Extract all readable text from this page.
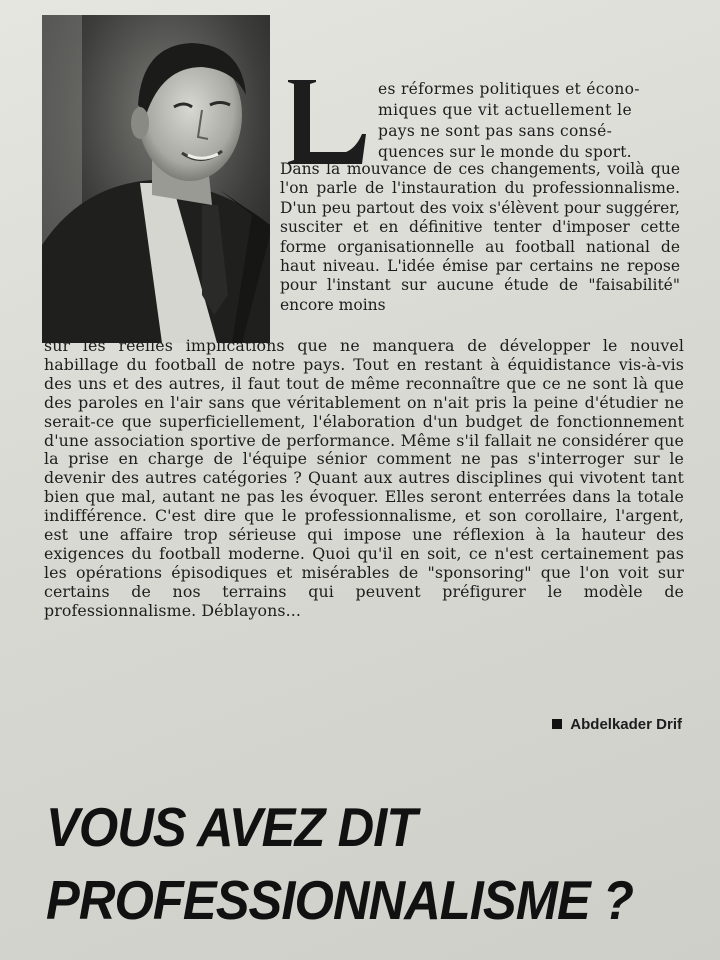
es réformes politiques et écono-
miques que vit actuellement le
pays ne sont pas sans consé-
quences sur le monde du sport.
Dans la mouvance de ces changements, voilà que l'on parle de l'instauration du professionnalisme. D'un peu partout des voix s'élèvent pour suggérer, susciter et en définitive tenter d'imposer cette forme organisationnelle au football national de haut niveau. L'idée émise par certains ne repose pour l'instant sur aucune étude de "faisabilité" encore moins
sur les réelles implications que ne manquera de développer le nouvel habillage du football de notre pays. Tout en restant à équidistance vis-à-vis des uns et des autres, il faut tout de même reconnaître que ce ne sont là que des paroles en l'air sans que véritablement on n'ait pris la peine d'étudier ne serait-ce que superficiellement, l'élaboration d'un budget de fonctionnement d'une association sportive de performance. Même s'il fallait ne considérer que la prise en charge de l'équipe sénior comment ne pas s'interroger sur le devenir des autres catégories ? Quant aux autres disciplines qui vivotent tant bien que mal, autant ne pas les évoquer. Elles seront enterrées dans la totale indifférence. C'est dire que le professionnalisme, et son corollaire, l'argent, est une affaire trop sérieuse qui impose une réflexion à la hauteur des exigences du football moderne. Quoi qu'il en soit, ce n'est certainement pas les opérations épisodiques et misérables de "sponsoring" que l'on voit sur certains de nos terrains qui peuvent préfigurer le modèle de professionnalisme. Déblayons...
Abdelkader Drif
VOUS AVEZ DIT
PROFESSIONNALISME ?
